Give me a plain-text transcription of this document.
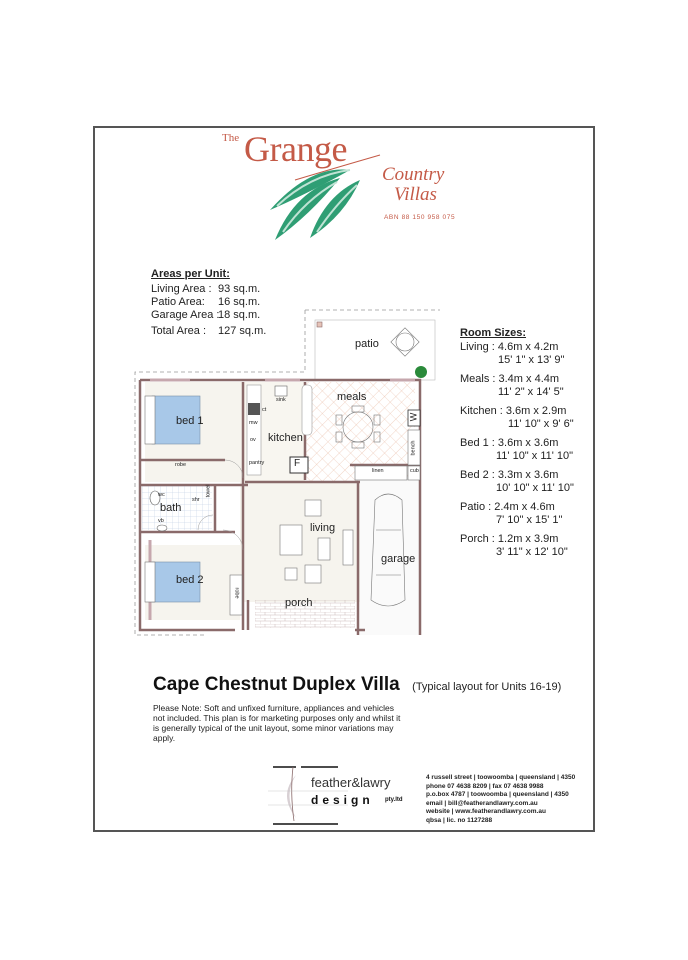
The Grange
Country
Villas
ABN 88 150 958 075
Areas per Unit:
Living Area : 93 sq.m.
Patio Area: 16 sq.m.
Garage Area :18 sq.m.
Total Area : 127 sq.m.	Room Sizes:
Living : 4.6m x 4.2m
15' 1" x 13' 9"
Meals : 3.4m x 4.4m
11' 2" x 14' 5"
Kitchen : 3.6m x 2.9m
11' 10" x 9' 6"
Bed 1 : 3.6m x 3.6m
11' 10" x 11' 10"
Bed 2 : 3.3m x 3.6m
10' 10" x 11' 10"
Patio : 2.4m x 4.6m
7' 10" x 15' 1"
Porch : 1.2m x 3.9m
3' 11" x 12' 10"
patio
meals
kitchen
bed 1
bed 2
bath
living
garage
porch
robe
robe
linen	cub
bench
pantry
sink
mw
ov
ct
F
W
wc
vb
shr
towel
Cape Chestnut Duplex Villa (Typical layout for Units 16-19)
Please Note: Soft and unfixed furniture, appliances and vehicles not included. This plan is for marketing purposes only and whilst it is generally typical of the unit layout, some minor variations may apply.
feather&lawry
design pty.ltd
4 russell street | toowoomba | queensland | 4350
phone 07 4638 8209 | fax 07 4638 9988
p.o.box 4787 | toowoomba | queensland | 4350
email | bill@featherandlawry.com.au
website | www.featherandlawry.com.au
qbsa | lic. no 1127288
